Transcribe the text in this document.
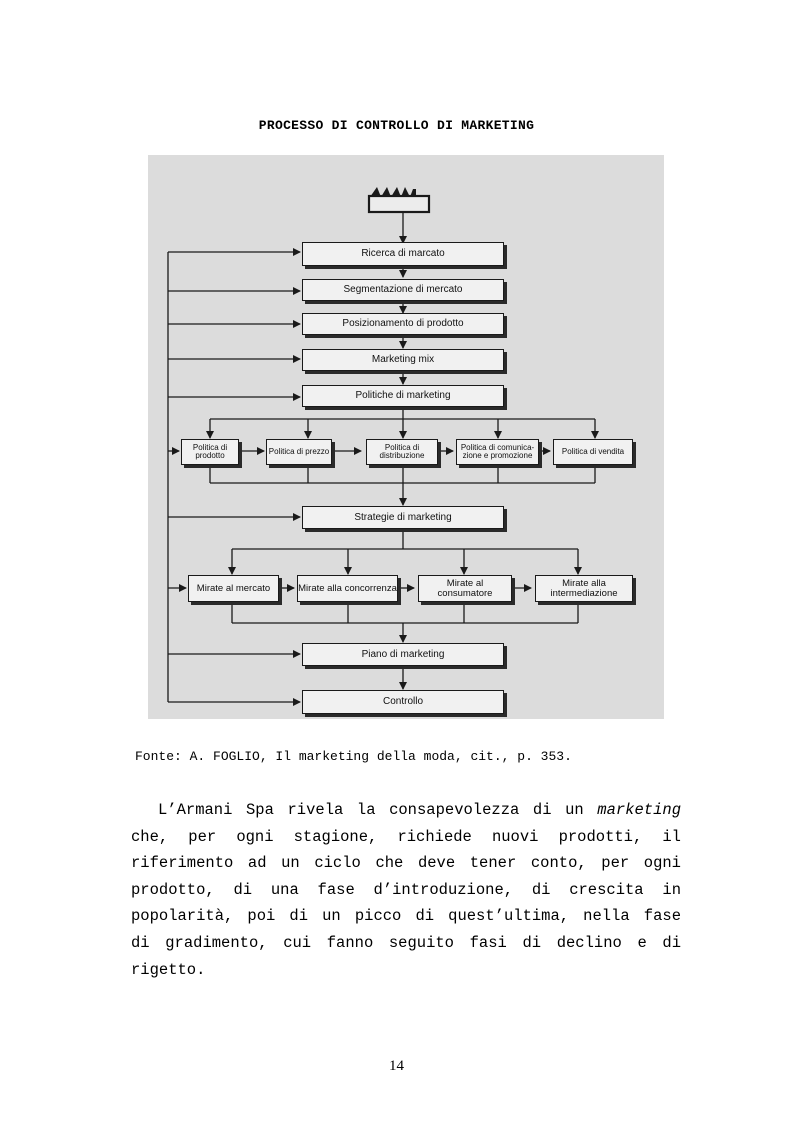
PROCESSO DI CONTROLLO DI MARKETING
Ricerca di marcato
Segmentazione di mercato
Posizionamento di prodotto
Marketing mix
Politiche di marketing
Politica di prodotto	Politica di prezzo	Politica di distribuzione
Politica di comunica- zione e promozione	Politica di vendita
Strategie di marketing
Mirate al mercato	Mirate alla concorrenza	Mirate al consumatore
Mirate alla intermediazione
Piano di marketing
Controllo
Fonte: A. FOGLIO, Il marketing della moda, cit., p. 353.
L’Armani Spa rivela la consapevolezza di un marketing
che, per ogni stagione, richiede nuovi prodotti, il
riferimento ad un ciclo che deve tener conto, per ogni
prodotto, di una fase d’introduzione, di crescita in
popolarità, poi di un picco di quest’ultima, nella fase
di gradimento, cui fanno seguito fasi di declino e di
rigetto.
14
